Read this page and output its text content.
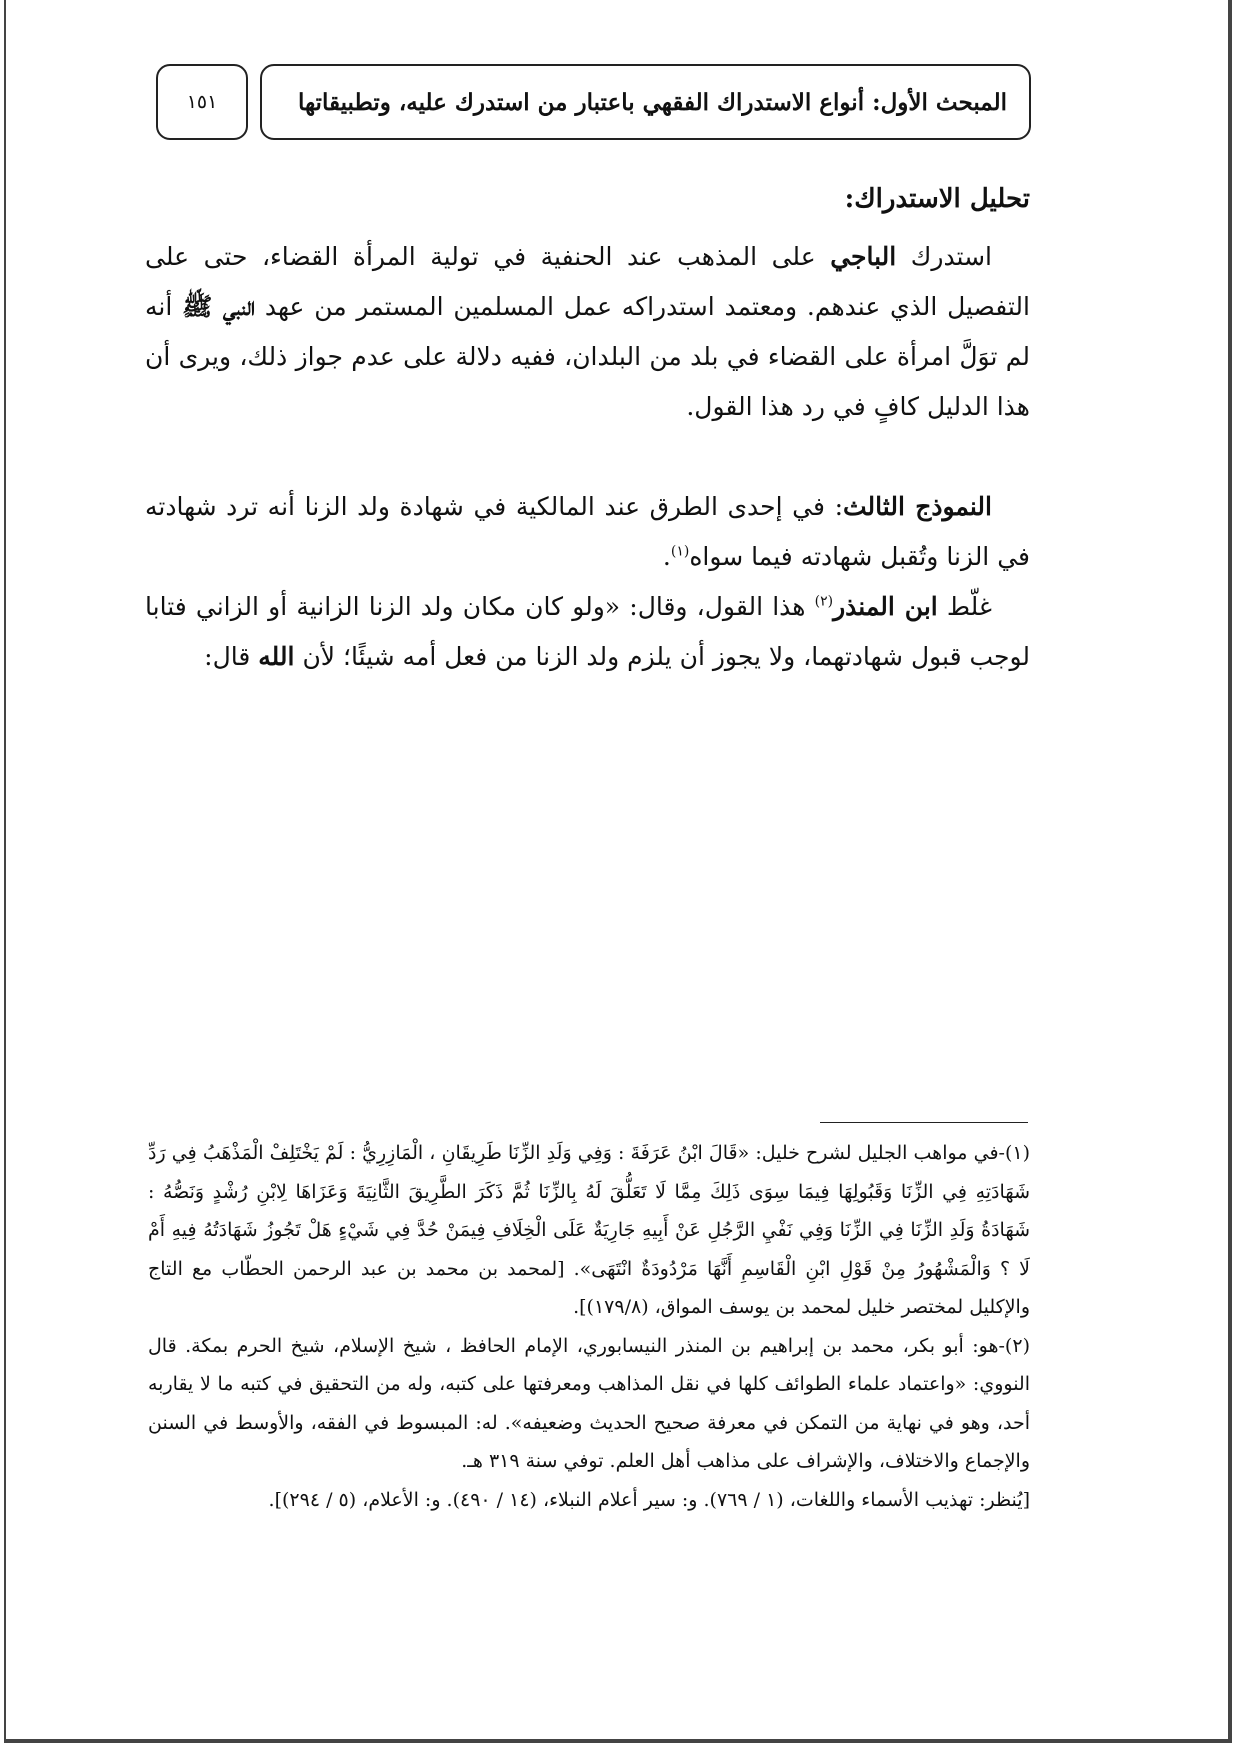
المبحث الأول: أنواع الاستدراك الفقهي باعتبار من استدرك عليه، وتطبيقاتها
١٥١
تحليل الاستدراك:

استدرك الباجي على المذهب عند الحنفية في تولية المرأة القضاء، حتى على التفصيل الذي عندهم. ومعتمد استدراكه عمل المسلمين المستمر من عهد النبي ﷺ أنه لم توَلَّ امرأة على القضاء في بلد من البلدان، ففيه دلالة على عدم جواز ذلك، ويرى أن هذا الدليل كافٍ في رد هذا القول.

النموذج الثالث: في إحدى الطرق عند المالكية في شهادة ولد الزنا أنه ترد شهادته في الزنا وتُقبل شهادته فيما سواه$^{(١)}$.

غلّط ابن المنذر$^{(٢)}$ هذا القول، وقال: «ولو كان مكان ولد الزنا الزانية أو الزاني فتابا لوجب قبول شهادتهما، ولا يجوز أن يلزم ولد الزنا من فعل أمه شيئًا؛ لأن الله قال:

(١)-في مواهب الجليل لشرح خليل: «قَالَ ابْنُ عَرَفَةَ : وَفِي وَلَدِ الزِّنَا طَرِيقَانِ ، الْمَازِرِيُّ : لَمْ يَخْتَلِفْ الْمَذْهَبُ فِي رَدِّ شَهَادَتِهِ فِي الزِّنَا وَقَبُولِهَا فِيمَا سِوَى ذَلِكَ مِمَّا لَا تَعَلُّقَ لَهُ بِالزِّنَا ثُمَّ ذَكَرَ الطَّرِيقَ الثَّانِيَةَ وَعَزَاهَا لِابْنِ رُشْدٍ وَنَصُّهُ : شَهَادَةُ وَلَدِ الزِّنَا فِي الزِّنَا وَفِي نَفْيِ الرَّجُلِ عَنْ أَبِيهِ جَارِيَةٌ عَلَى الْخِلَافِ فِيمَنْ حُدَّ فِي شَيْءٍ هَلْ تَجُوزُ شَهَادَتُهُ فِيهِ أَمْ لَا ؟ وَالْمَشْهُورُ مِنْ قَوْلِ ابْنِ الْقَاسِمِ أَنَّهَا مَرْدُودَةٌ انْتَهَى». [لمحمد بن محمد بن عبد الرحمن الحطّاب مع التاج والإكليل لمختصر خليل لمحمد بن يوسف المواق، (١٧٩/٨)].

(٢)-هو: أبو بكر، محمد بن إبراهيم بن المنذر النيسابوري، الإمام الحافظ ، شيخ الإسلام، شيخ الحرم بمكة. قال النووي: «واعتماد علماء الطوائف كلها في نقل المذاهب ومعرفتها على كتبه، وله من التحقيق في كتبه ما لا يقاربه أحد، وهو في نهاية من التمكن في معرفة صحيح الحديث وضعيفه». له: المبسوط في الفقه، والأوسط في السنن والإجماع والاختلاف، والإشراف على مذاهب أهل العلم. توفي سنة ٣١٩ هـ.

[يُنظر: تهذيب الأسماء واللغات، (١ / ٧٦٩). و: سير أعلام النبلاء، (١٤ / ٤٩٠). و: الأعلام، (٥ / ٢٩٤)].
